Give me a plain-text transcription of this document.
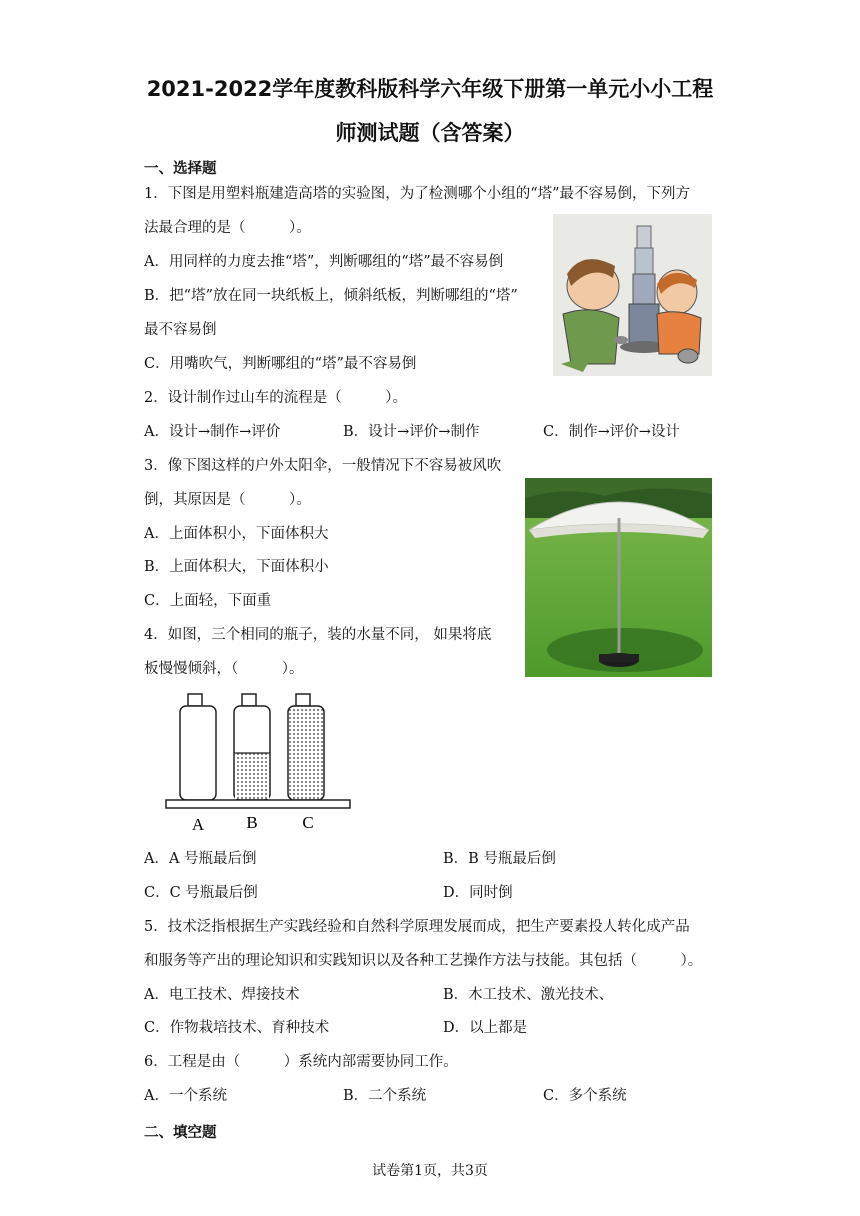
2021-2022学年度教科版科学六年级下册第一单元小小工程
师测试题（含答案）
一、选择题
1．下图是用塑料瓶建造高塔的实验图，为了检测哪个小组的“塔”最不容易倒，下列方
法最合理的是（　　　）。
A．用同样的力度去推“塔”，判断哪组的“塔”最不容易倒
B．把“塔”放在同一块纸板上，倾斜纸板，判断哪组的“塔”
最不容易倒
C．用嘴吹气，判断哪组的“塔”最不容易倒
2．设计制作过山车的流程是（　　　）。
A．设计→制作→评价	B．设计→评价→制作	C．制作→评价→设计
3．像下图这样的户外太阳伞，一般情况下不容易被风吹
倒，其原因是（　　　）。
A．上面体积小，下面体积大
B．上面体积大，下面体积小
C．上面轻，下面重
4．如图，三个相同的瓶子，装的水量不同， 如果将底
板慢慢倾斜，（　　　）。
A B	C
A．A 号瓶最后倒	B．B 号瓶最后倒
C．C 号瓶最后倒	D．同时倒
5．技术泛指根据生产实践经验和自然科学原理发展而成，把生产要素投人转化成产品
和服务等产出的理论知识和实践知识以及各种工艺操作方法与技能。其包括（　　　）。
A．电工技术、焊接技术	B．木工技术、激光技术、
C．作物栽培技术、育种技术	D．以上都是
6．工程是由（　　　）系统内部需要协同工作。
A．一个系统	B．二个系统	C．多个系统
二、填空题
试卷第1页，共3页
